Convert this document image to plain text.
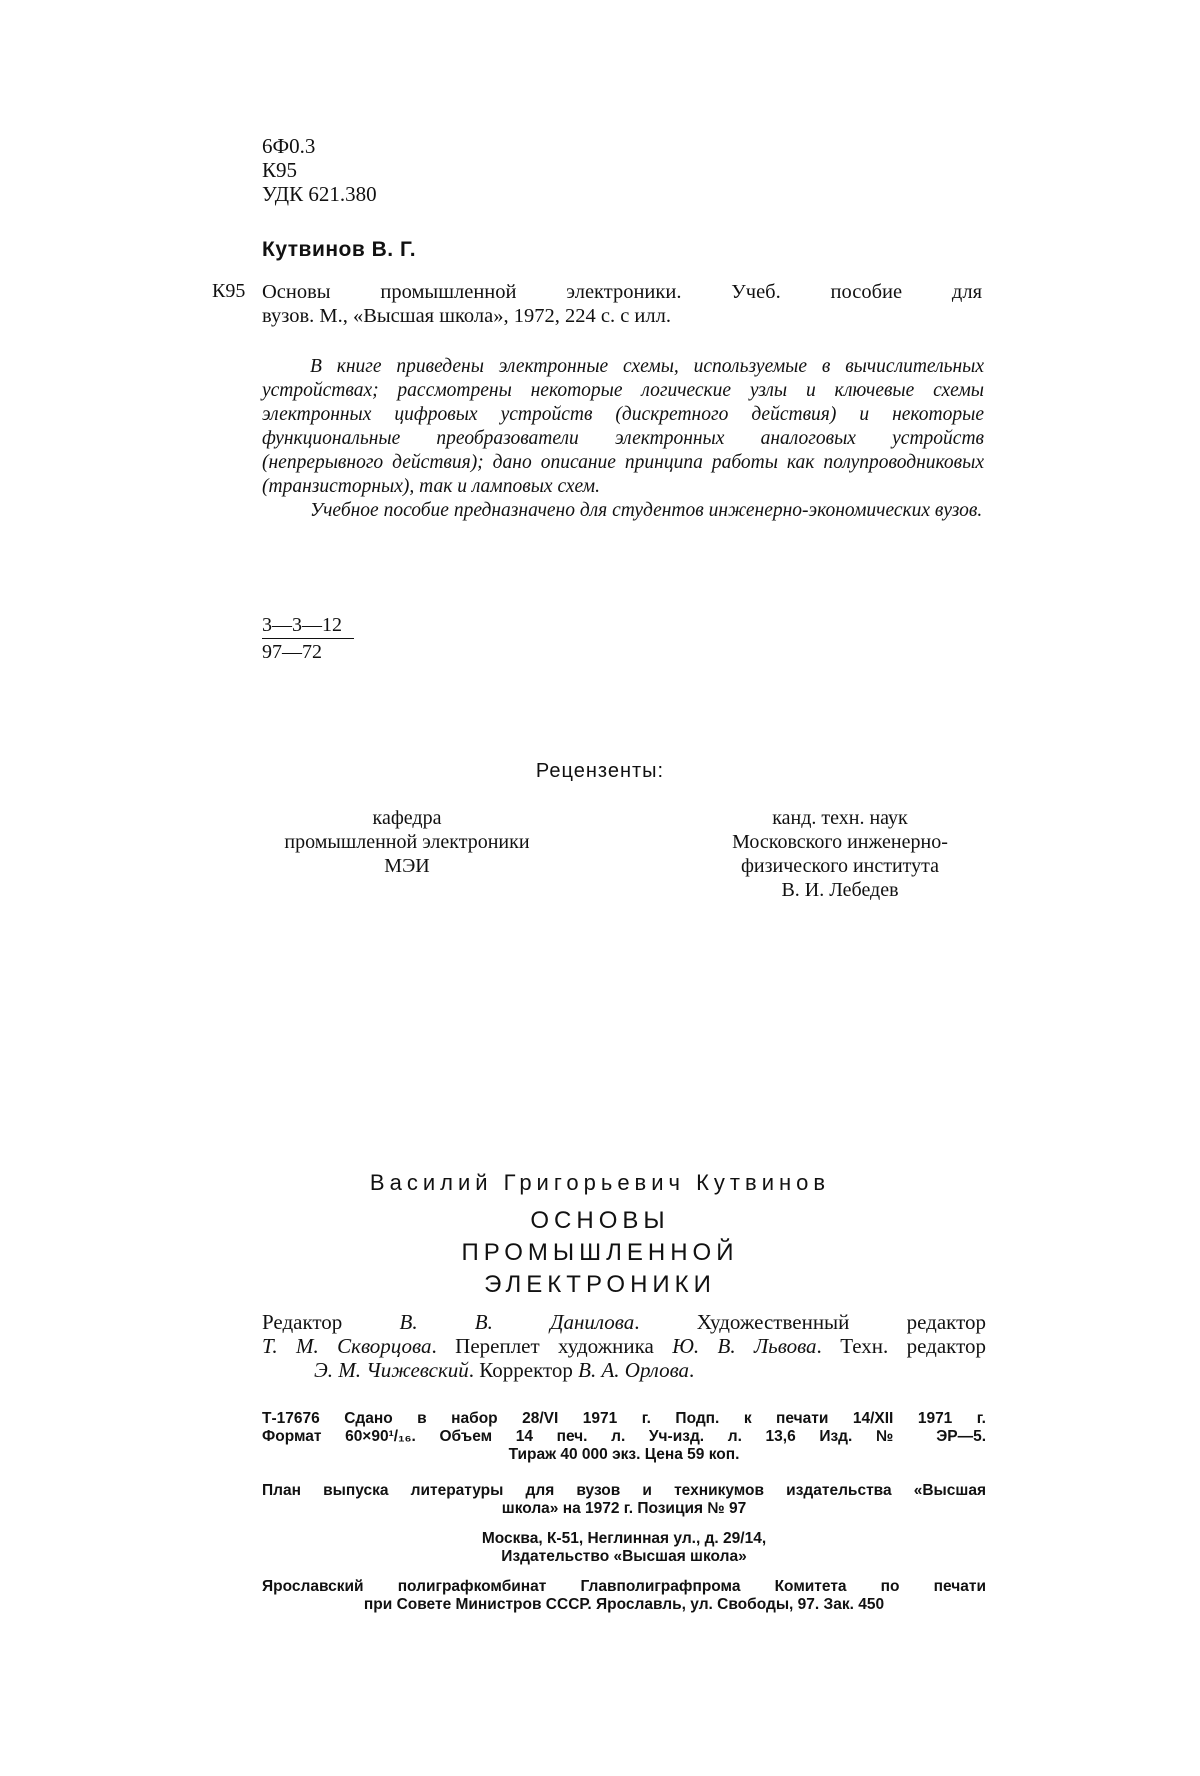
6Ф0.3
К95
УДК 621.380
Кутвинов В. Г.
К95 Основы промышленной электроники. Учеб. пособие для
вузов. М., «Высшая школа», 1972, 224 с. с илл.

В книге приведены электронные схемы, используемые в вычислительных устройствах; рассмотрены некоторые логические узлы и ключевые схемы электронных цифровых устройств (дискретного действия) и некоторые функциональные преобразователи электронных аналоговых устройств (непрерывного действия); дано описание принципа работы как полупроводниковых (транзисторных), так и ламповых схем.

Учебное пособие предназначено для студентов инженерно-экономических вузов.

3—3—12
97—72
Рецензенты:
кафедра
промышленной электроники
МЭИ
канд. техн. наук
Московского инженерно-
физического института
В. И. Лебедев
Василий Григорьевич Кутвинов
ОСНОВЫ
ПРОМЫШЛЕННОЙ
ЭЛЕКТРОНИКИ
Редактор	В. В. Данилова. Художественный редактор
Т. М. Скворцова. Переплет художника Ю. В. Львова. Техн. редактор
Э. М. Чижевский. Корректор В. А. Орлова.
Т-17676 Сдано в набор 28/VI 1971 г. Подп. к печати 14/XII 1971 г.
Формат 60×90¹/₁₆. Объем 14 печ. л. Уч-изд. л. 13,6 Изд. № ЭР—5.
Тираж 40 000 экз. Цена 59 коп.
План выпуска литературы для вузов и техникумов издательства «Высшая
школа» на 1972 г. Позиция № 97
Москва, К-51, Неглинная ул., д. 29/14,
Издательство «Высшая школа»
Ярославский полиграфкомбинат Главполиграфпрома Комитета по печати
при Совете Министров СССР. Ярославль, ул. Свободы, 97. Зак. 450
